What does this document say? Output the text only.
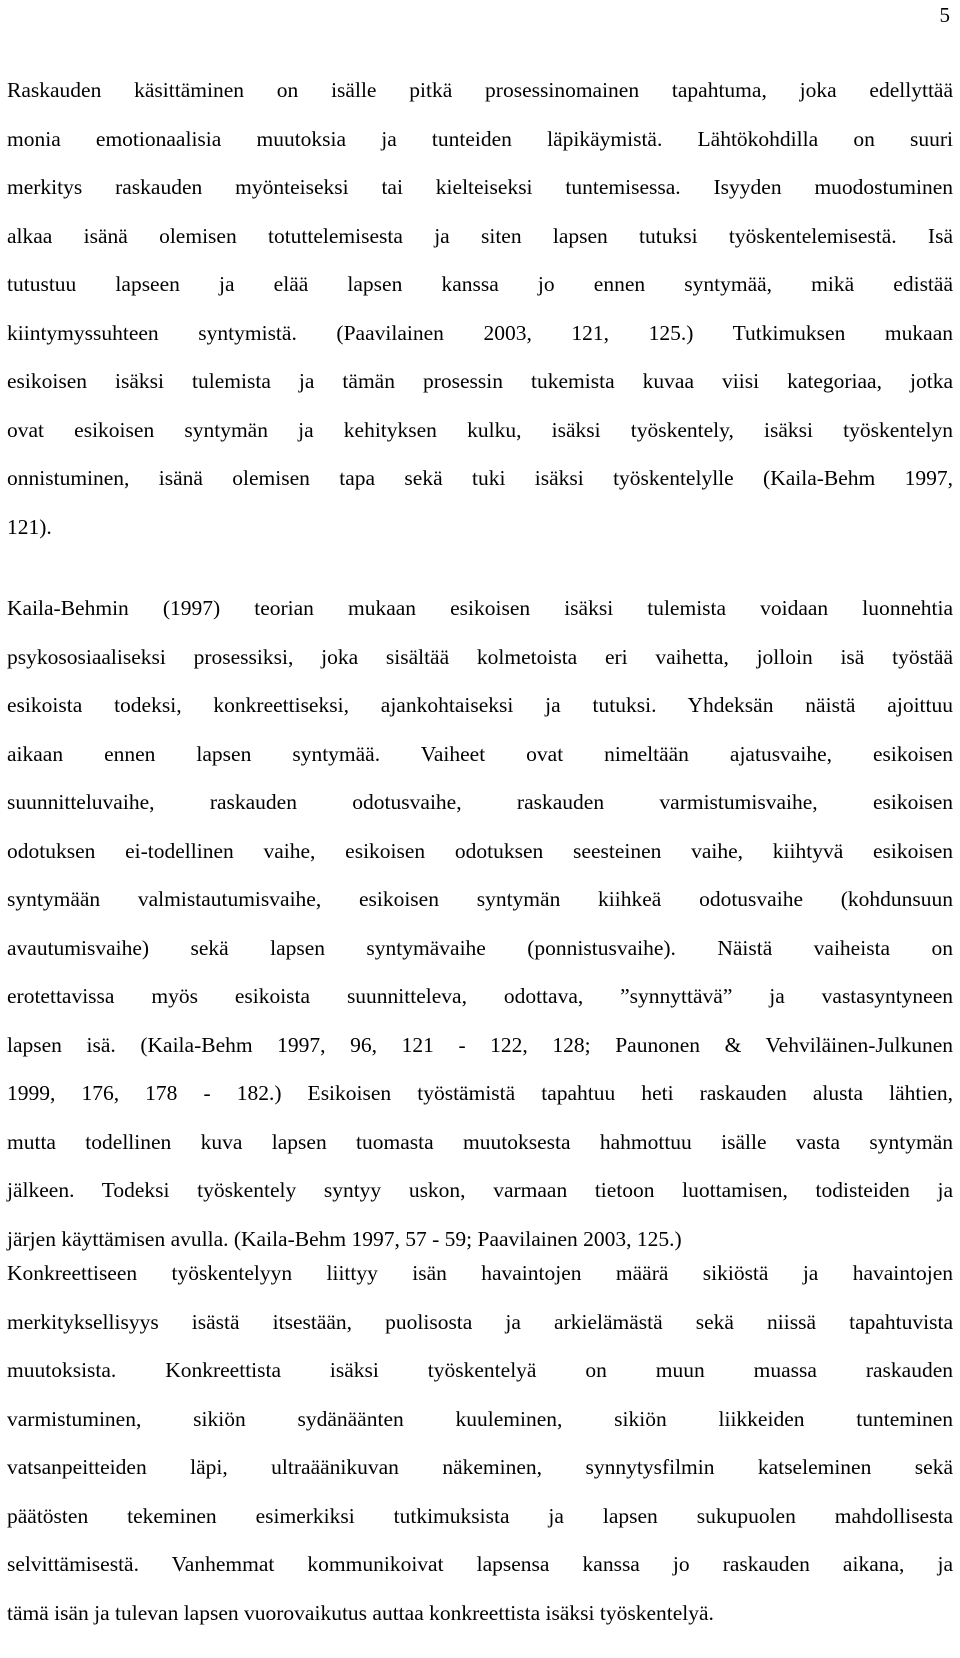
5
Raskauden käsittäminen on isälle pitkä prosessinomainen tapahtuma, joka edellyttää
monia emotionaalisia muutoksia ja tunteiden läpikäymistä. Lähtökohdilla on suuri
merkitys raskauden myönteiseksi tai kielteiseksi tuntemisessa. Isyyden muodostuminen
alkaa isänä olemisen totuttelemisesta ja siten lapsen tutuksi työskentelemisestä. Isä
tutustuu lapseen ja elää lapsen kanssa jo ennen syntymää, mikä edistää
kiintymyssuhteen syntymistä. (Paavilainen 2003, 121, 125.) Tutkimuksen mukaan
esikoisen isäksi tulemista ja tämän prosessin tukemista kuvaa viisi kategoriaa, jotka
ovat esikoisen syntymän ja kehityksen kulku, isäksi työskentely, isäksi työskentelyn
onnistuminen, isänä olemisen tapa sekä tuki isäksi työskentelylle (Kaila-Behm 1997,
121).
Kaila-Behmin (1997) teorian mukaan esikoisen isäksi tulemista voidaan luonnehtia
psykososiaaliseksi prosessiksi, joka sisältää kolmetoista eri vaihetta, jolloin isä työstää
esikoista todeksi, konkreettiseksi, ajankohtaiseksi ja tutuksi. Yhdeksän näistä ajoittuu
aikaan ennen lapsen syntymää. Vaiheet ovat nimeltään ajatusvaihe, esikoisen
suunnitteluvaihe, raskauden odotusvaihe, raskauden varmistumisvaihe, esikoisen
odotuksen ei-todellinen vaihe, esikoisen odotuksen seesteinen vaihe, kiihtyvä esikoisen
syntymään valmistautumisvaihe, esikoisen syntymän kiihkeä odotusvaihe (kohdunsuun
avautumisvaihe) sekä lapsen syntymävaihe (ponnistusvaihe). Näistä vaiheista on
erotettavissa myös esikoista suunnitteleva, odottava, ”synnyttävä” ja vastasyntyneen
lapsen isä. (Kaila-Behm 1997, 96, 121 - 122, 128; Paunonen & Vehviläinen-Julkunen
1999, 176, 178 - 182.) Esikoisen työstämistä tapahtuu heti raskauden alusta lähtien,
mutta todellinen kuva lapsen tuomasta muutoksesta hahmottuu isälle vasta syntymän
jälkeen. Todeksi työskentely syntyy uskon, varmaan tietoon luottamisen, todisteiden ja
järjen käyttämisen avulla. (Kaila-Behm 1997, 57 - 59; Paavilainen 2003, 125.)
Konkreettiseen työskentelyyn liittyy isän havaintojen määrä sikiöstä ja havaintojen
merkityksellisyys isästä itsestään, puolisosta ja arkielämästä sekä niissä tapahtuvista
muutoksista. Konkreettista isäksi työskentelyä on muun muassa raskauden
varmistuminen, sikiön sydänäänten kuuleminen, sikiön liikkeiden tunteminen
vatsanpeitteiden läpi, ultraäänikuvan näkeminen, synnytysfilmin katseleminen sekä
päätösten tekeminen esimerkiksi tutkimuksista ja lapsen sukupuolen mahdollisesta
selvittämisestä. Vanhemmat kommunikoivat lapsensa kanssa jo raskauden aikana, ja
tämä isän ja tulevan lapsen vuorovaikutus auttaa konkreettista isäksi työskentelyä.
